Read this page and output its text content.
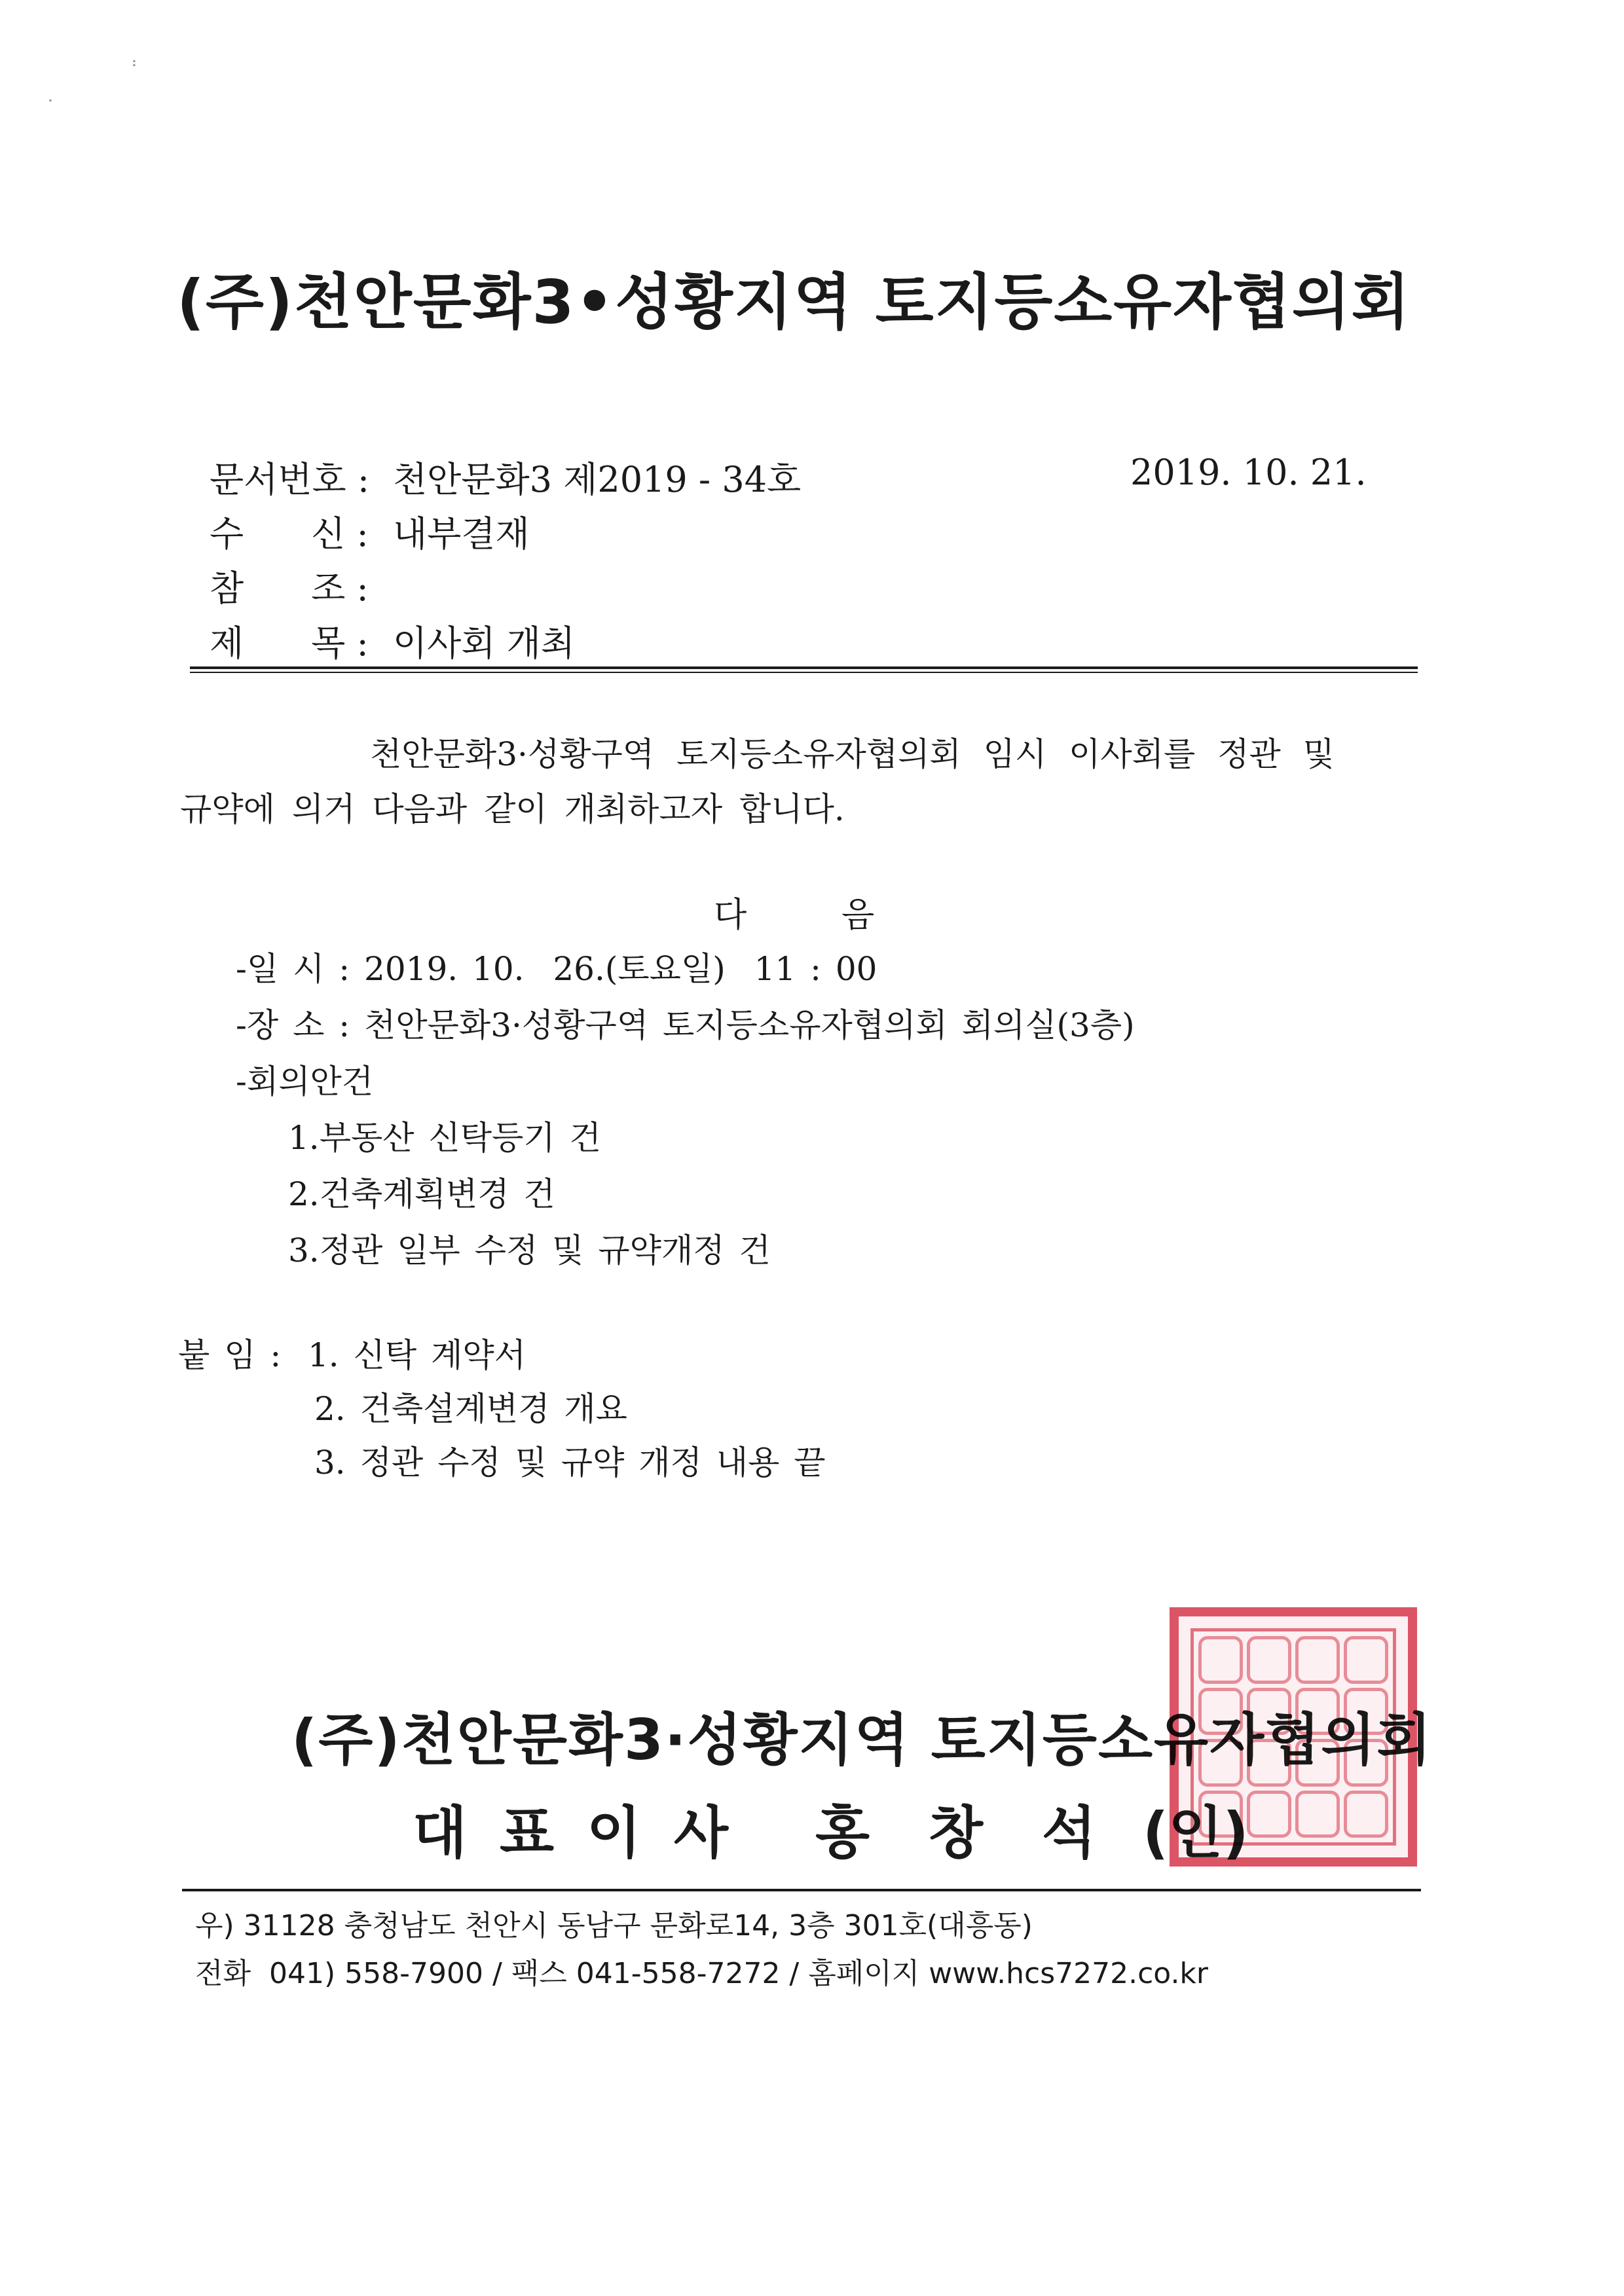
⠃
⠁
(주)천안문화3•성황지역 토지등소유자협의회
문서번호 : 천안문화3 제2019 - 34호	2019. 10. 21.
수      신 : 내부결재
참      조 :
제      목 : 이사회 개최
천안문화3·성황구역 토지등소유자협의회 임시 이사회를 정관 및
규약에 의거 다음과 같이 개최하고자 합니다.
다	음
-일 시 : 2019. 10.  26.(토요일)  11 : 00
-장 소 : 천안문화3·성황구역 토지등소유자협의회 회의실(3층)
-회의안건
1.부동산 신탁등기 건
2.건축계획변경 건
3.정관 일부 수정 및 규약개정 건
붙 임 : 1. 신탁 계약서
2. 건축설계변경 개요
3. 정관 수정 및 규약 개정 내용 끝
(주)천안문화3·성황지역 토지등소유자협의회
대 표 이 사 홍  창  석 (인)
우) 31128 충청남도 천안시 동남구 문화로14, 3층 301호(대흥동)
전화  041) 558-7900 / 팩스 041-558-7272 / 홈페이지 www.hcs7272.co.kr
